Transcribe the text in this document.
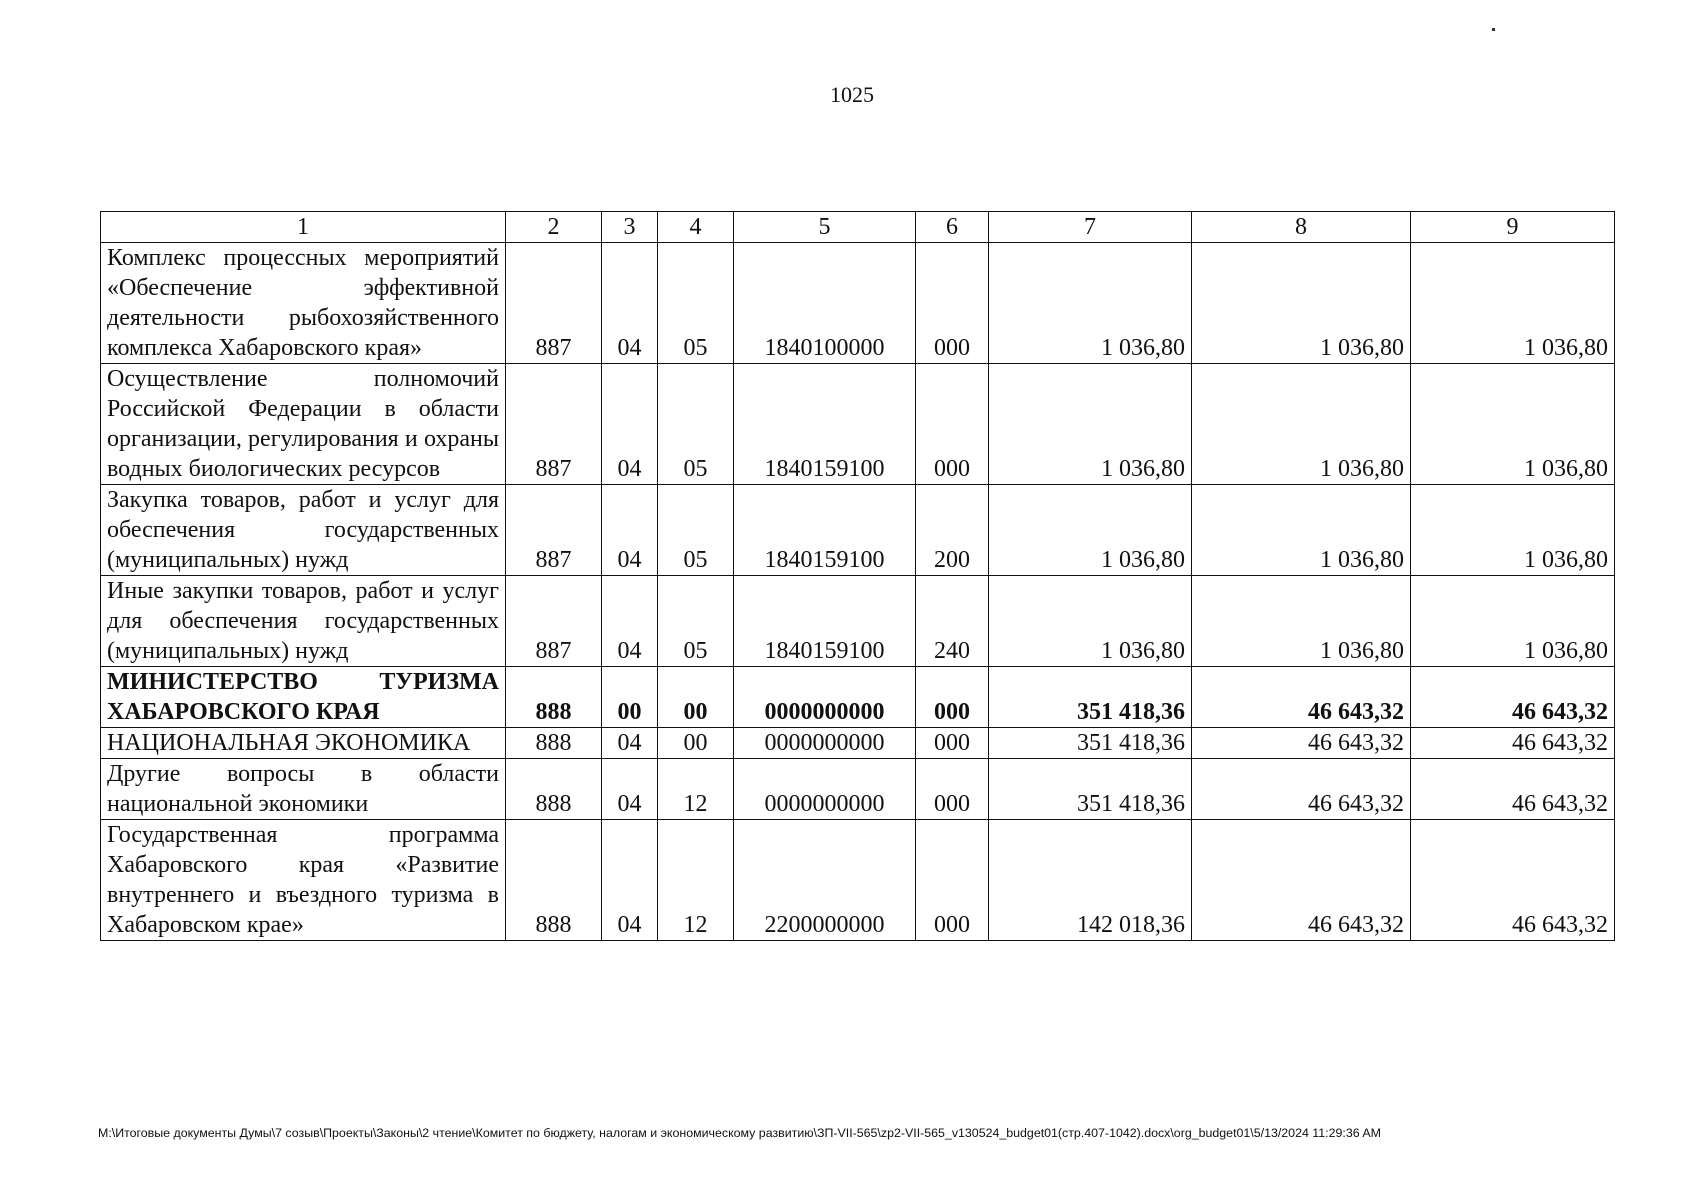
1025
1	2	3	4	5	6	7	8	9
Комплекс процессных мероприятий «Обеспечение эффективной деятельности рыбохозяйственного комплекса Хабаровского края»	887	04	05	1840100000	000	1 036,80	1 036,80	1 036,80
Осуществление полномочий Российской Федерации в области организации, регулирования и охраны водных биологических ресурсов	887	04	05	1840159100	000	1 036,80	1 036,80	1 036,80
Закупка товаров, работ и услуг для обеспечения государственных (муниципальных) нужд	887	04	05	1840159100	200	1 036,80	1 036,80	1 036,80
Иные закупки товаров, работ и услуг для обеспечения государственных (муниципальных) нужд	887	04	05	1840159100	240	1 036,80	1 036,80	1 036,80
МИНИСТЕРСТВО ТУРИЗМА ХАБАРОВСКОГО КРАЯ	888	00	00	0000000000	000	351 418,36	46 643,32	46 643,32
НАЦИОНАЛЬНАЯ ЭКОНОМИКА	888	04	00	0000000000	000	351 418,36	46 643,32	46 643,32
Другие вопросы в области национальной экономики	888	04	12	0000000000	000	351 418,36	46 643,32	46 643,32
Государственная программа Хабаровского края «Развитие внутреннего и въездного туризма в Хабаровском крае»	888	04	12	2200000000	000	142 018,36	46 643,32	46 643,32
M:\Итоговые документы Думы\7 созыв\Проекты\Законы\2 чтение\Комитет по бюджету, налогам и экономическому развитию\ЗП-VII-565\zp2-VII-565_v130524_budget01(стр.407-1042).docx\org_budget01\5/13/2024 11:29:36 AM
